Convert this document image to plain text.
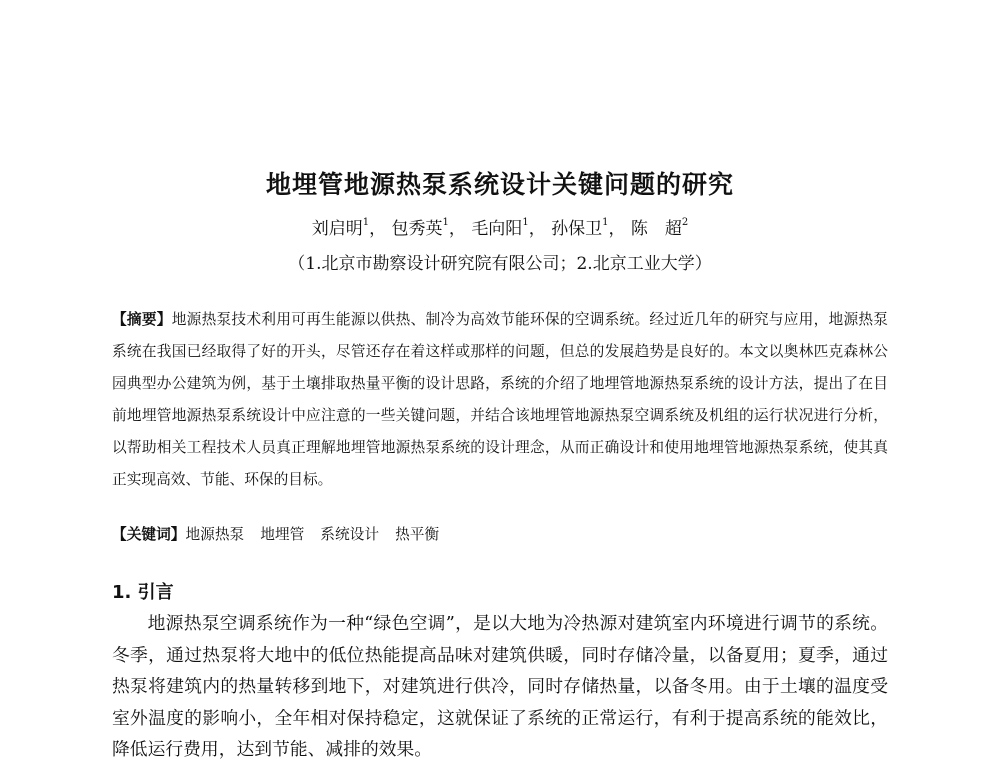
地埋管地源热泵系统设计关键问题的研究
刘启明$^1$， 包秀英$^1$， 毛向阳$^1$， 孙保卫$^1$， 陈　超$^2$
（1.北京市勘察设计研究院有限公司；2.北京工业大学）
【摘要】地源热泵技术利用可再生能源以供热、制冷为高效节能环保的空调系统。经过近几年的研究与应用，地源热泵系统在我国已经取得了好的开头，尽管还存在着这样或那样的问题，但总的发展趋势是良好的。本文以奥林匹克森林公园典型办公建筑为例，基于土壤排取热量平衡的设计思路，系统的介绍了地埋管地源热泵系统的设计方法，提出了在目前地埋管地源热泵系统设计中应注意的一些关键问题，并结合该地埋管地源热泵空调系统及机组的运行状况进行分析，以帮助相关工程技术人员真正理解地埋管地源热泵系统的设计理念，从而正确设计和使用地埋管地源热泵系统，使其真正实现高效、节能、环保的目标。
【关键词】地源热泵 地埋管 系统设计 热平衡
1. 引言
地源热泵空调系统作为一种“绿色空调”，是以大地为冷热源对建筑室内环境进行调节的系统。冬季，通过热泵将大地中的低位热能提高品味对建筑供暖，同时存储冷量，以备夏用；夏季，通过热泵将建筑内的热量转移到地下，对建筑进行供冷，同时存储热量，以备冬用。由于土壤的温度受室外温度的影响小，全年相对保持稳定，这就保证了系统的正常运行，有利于提高系统的能效比，降低运行费用，达到节能、减排的效果。
